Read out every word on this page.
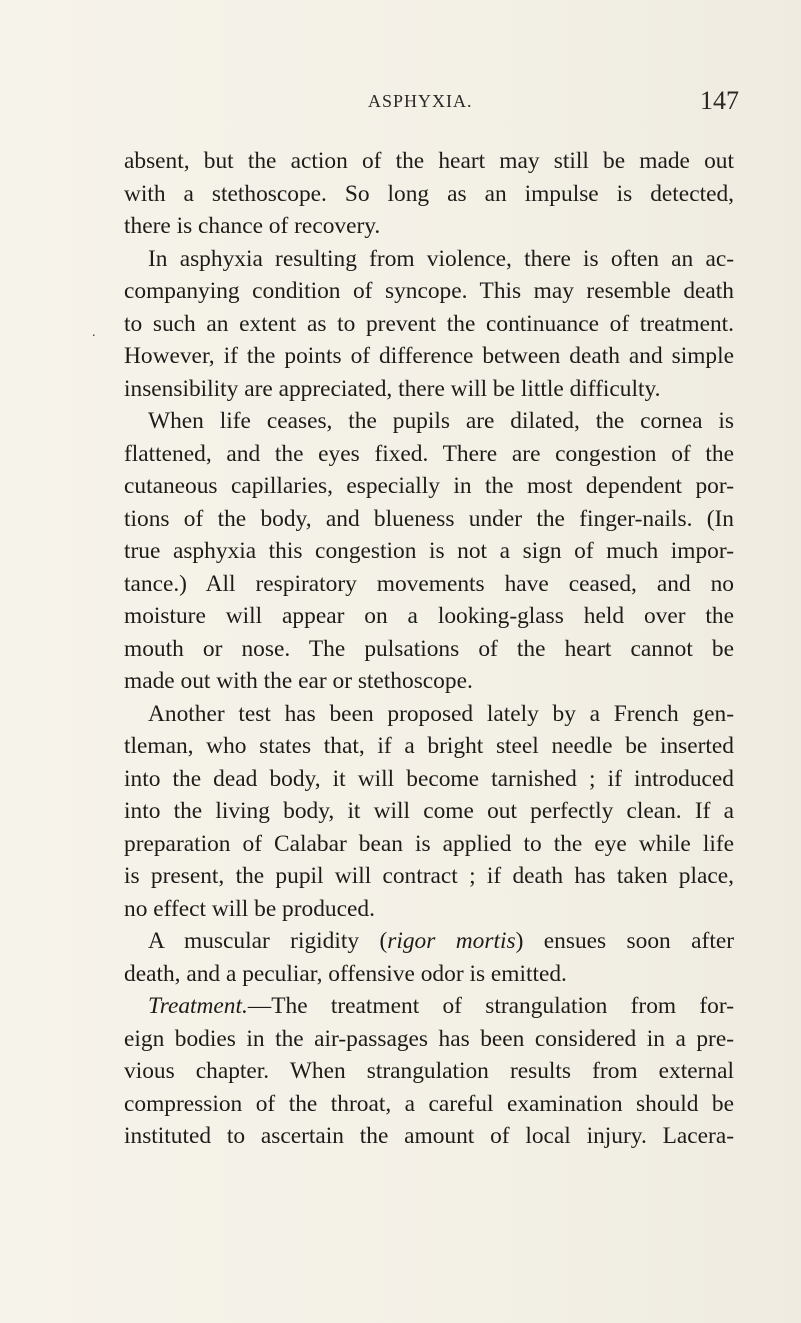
ASPHYXIA.	147
.
absent, but the action of the heart may still be made out
with a stethoscope. So long as an impulse is detected,
there is chance of recovery.
In asphyxia resulting from violence, there is often an ac-
companying condition of syncope. This may resemble death
to such an extent as to prevent the continuance of treatment.
However, if the points of difference between death and simple
insensibility are appreciated, there will be little difficulty.
When life ceases, the pupils are dilated, the cornea is
flattened, and the eyes fixed. There are congestion of the
cutaneous capillaries, especially in the most dependent por-
tions of the body, and blueness under the finger-nails. (In
true asphyxia this congestion is not a sign of much impor-
tance.) All respiratory movements have ceased, and no
moisture will appear on a looking-glass held over the
mouth or nose. The pulsations of the heart cannot be
made out with the ear or stethoscope.
Another test has been proposed lately by a French gen-
tleman, who states that, if a bright steel needle be inserted
into the dead body, it will become tarnished ; if introduced
into the living body, it will come out perfectly clean. If a
preparation of Calabar bean is applied to the eye while life
is present, the pupil will contract ; if death has taken place,
no effect will be produced.
A muscular rigidity (rigor mortis) ensues soon after
death, and a peculiar, offensive odor is emitted.
Treatment.—The treatment of strangulation from for-
eign bodies in the air-passages has been considered in a pre-
vious chapter. When strangulation results from external
compression of the throat, a careful examination should be
instituted to ascertain the amount of local injury. Lacera-
